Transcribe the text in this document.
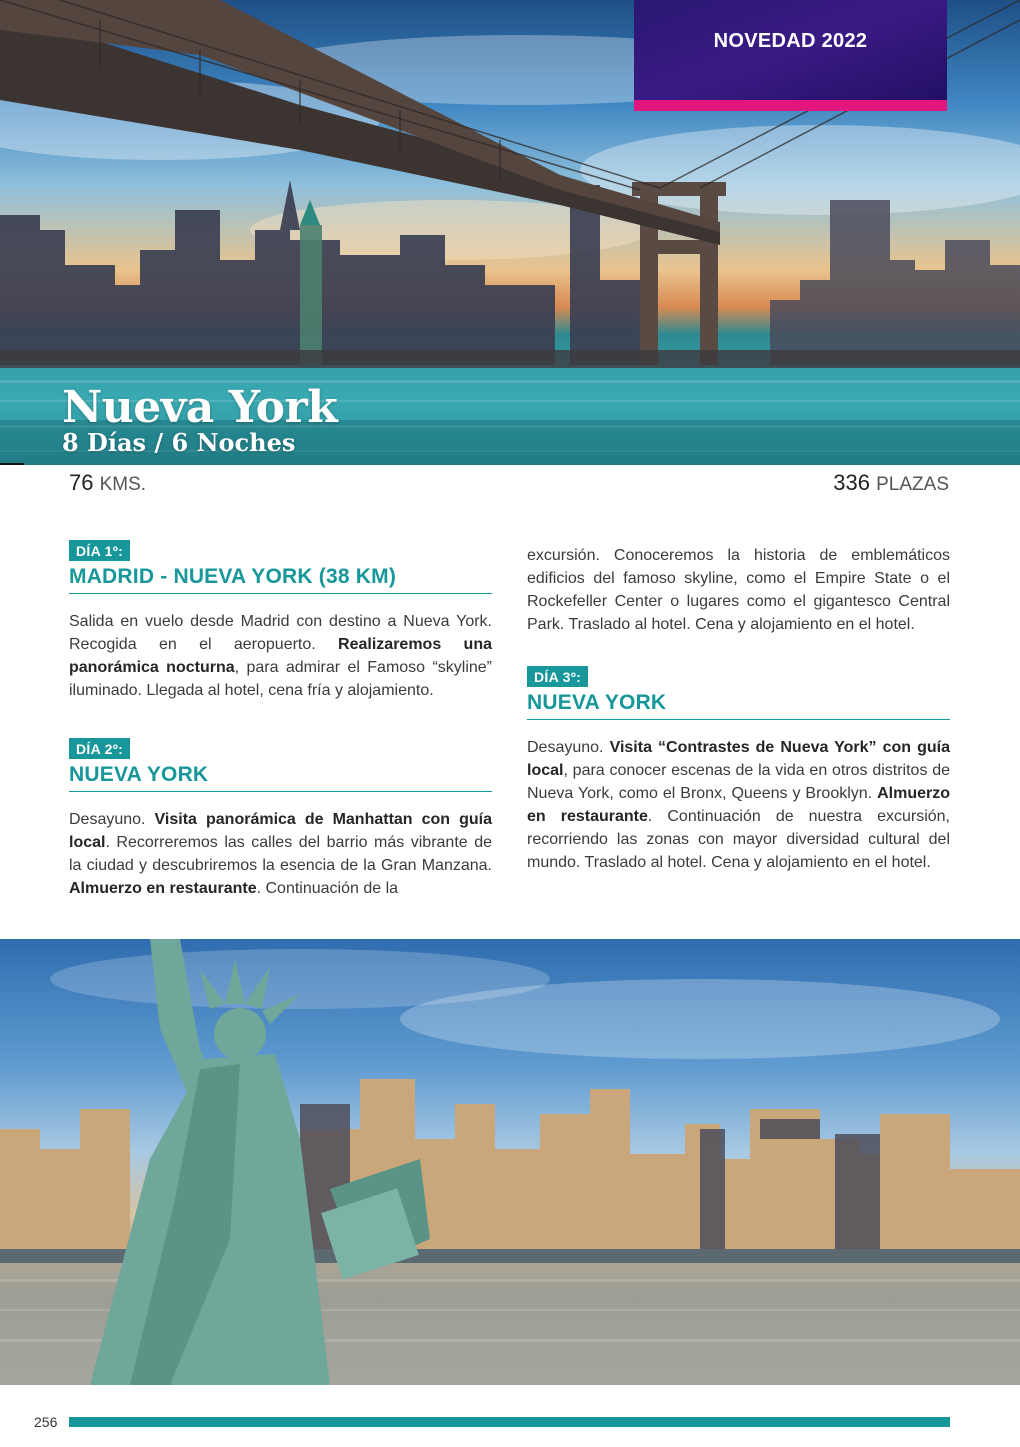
NOVEDAD 2022
Nueva York
8 Días / 6 Noches
76 KMS.	336 PLAZAS
DÍA 1º:
MADRID - NUEVA YORK (38 KM)

Salida en vuelo desde Madrid con destino a Nueva York. Recogida en el aeropuerto. Realizaremos una panorámica nocturna, para admirar el Famoso “skyline” iluminado. Llegada al hotel, cena fría y alojamiento.

DÍA 2º:
NUEVA YORK

Desayuno. Visita panorámica de Manhattan con guía local. Recorreremos las calles del barrio más vibrante de la ciudad y descubriremos la esencia de la Gran Manzana. Almuerzo en restaurante. Continuación de la

excursión. Conoceremos la historia de emblemáticos edificios del famoso skyline, como el Empire State o el Rockefeller Center o lugares como el gigantesco Central Park. Traslado al hotel. Cena y alojamiento en el hotel.

DÍA 3º:
NUEVA YORK

Desayuno. Visita “Contrastes de Nueva York” con guía local, para conocer escenas de la vida en otros distritos de Nueva York, como el Bronx, Queens y Brooklyn. Almuerzo en restaurante. Continuación de nuestra excursión, recorriendo las zonas con mayor diversidad cultural del mundo. Traslado al hotel. Cena y alojamiento en el hotel.

256
